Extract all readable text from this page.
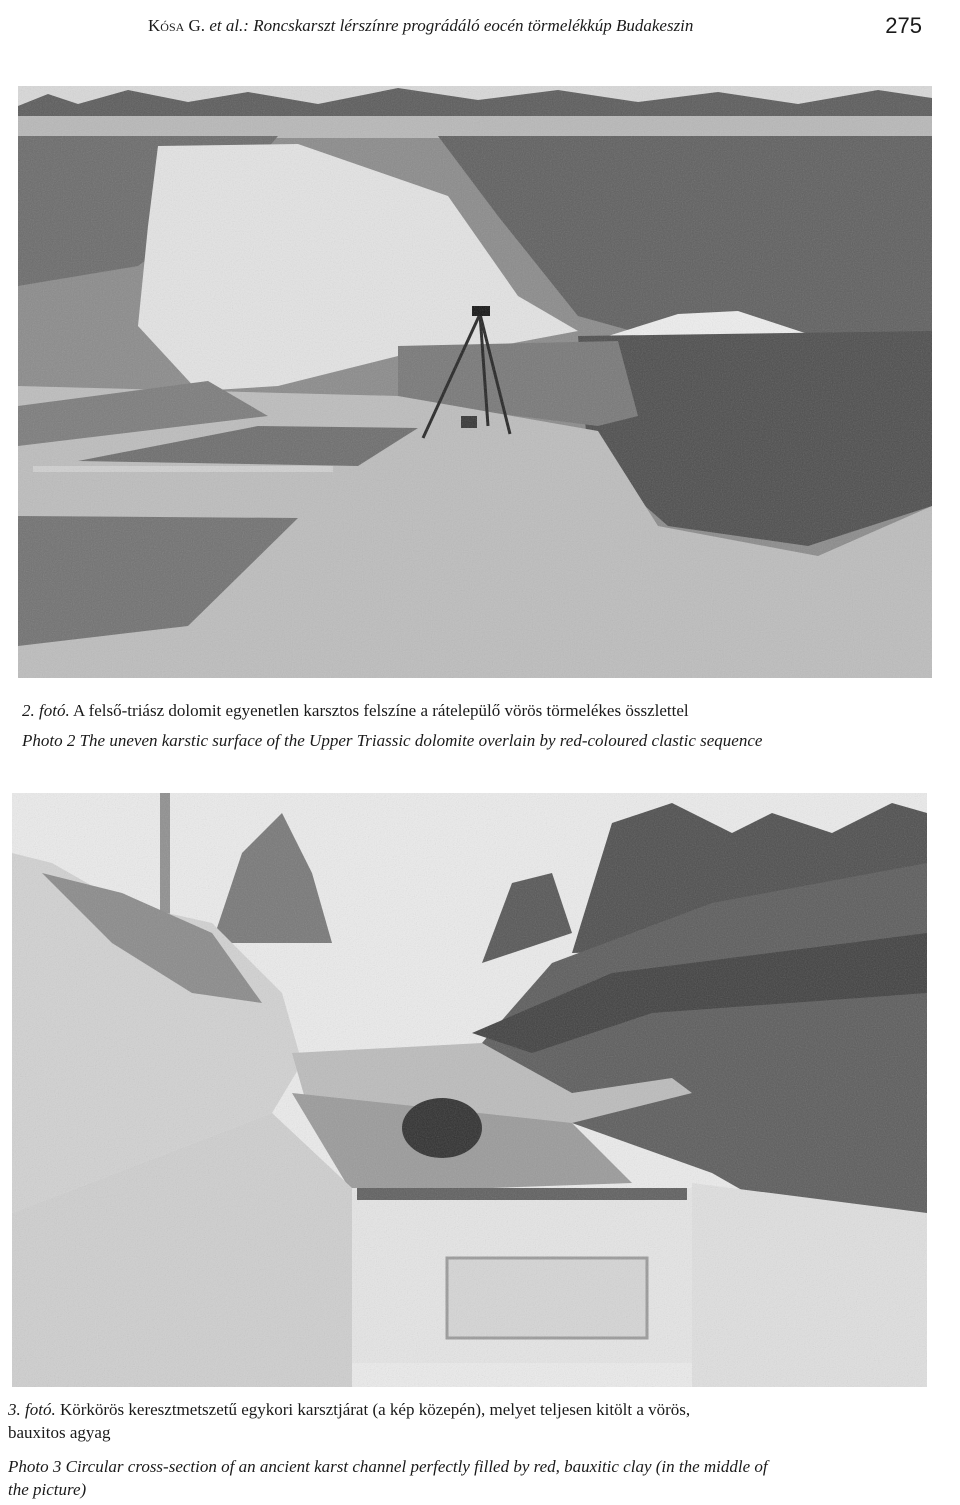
Kósa G. et al.: Roncskarszt lérszínre prográdáló eocén törmelékkúp Budakeszin	275
2. fotó. A felső-triász dolomit egyenetlen karsztos felszíne a rátelepülő vörös törmelékes összlettel
Photo 2 The uneven karstic surface of the Upper Triassic dolomite overlain by red-coloured clastic sequence
3. fotó. Körkörös keresztmetszetű egykori karsztjárat (a kép közepén), melyet teljesen kitölt a vörös,
bauxitos agyag
Photo 3 Circular cross-section of an ancient karst channel perfectly filled by red, bauxitic clay (in the middle of
the picture)
